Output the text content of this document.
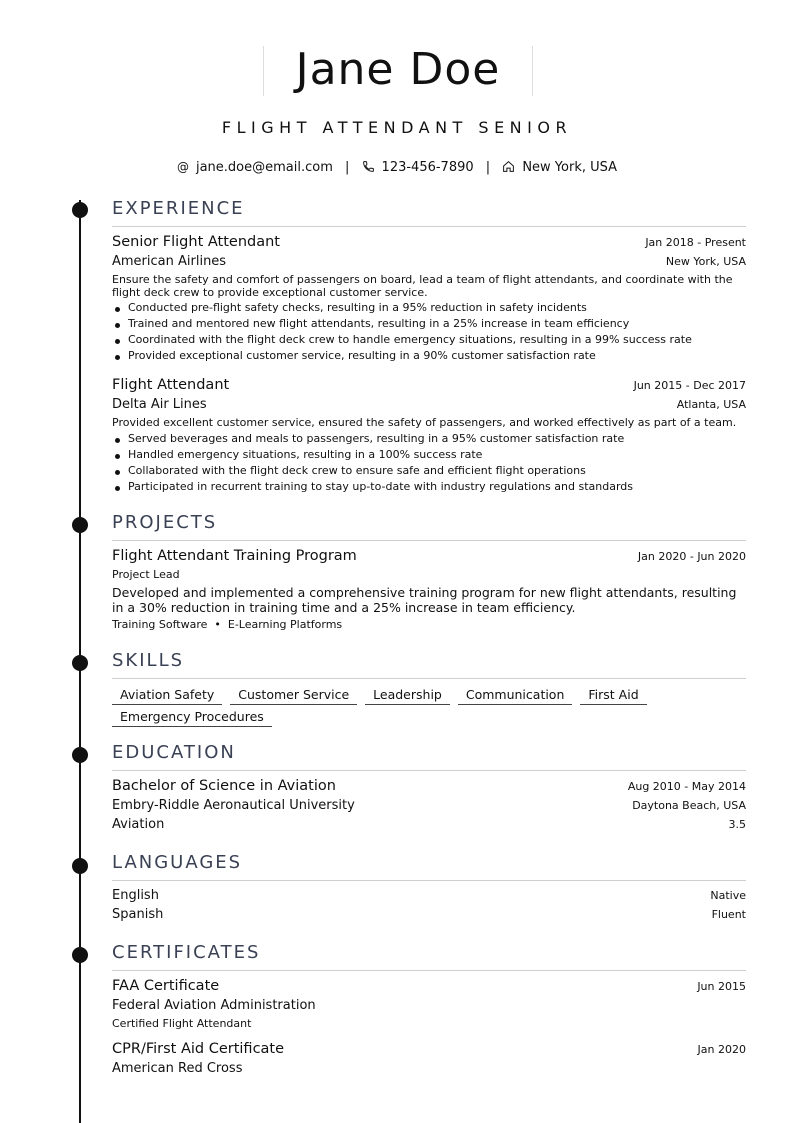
Jane Doe
FLIGHT ATTENDANT SENIOR
@ jane.doe@email.com | 123-456-7890 | New York, USA
EXPERIENCE
Senior Flight Attendant	Jan 2018 - Present
American Airlines	New York, USA
Ensure the safety and comfort of passengers on board, lead a team of flight attendants, and coordinate with the flight deck crew to provide exceptional customer service.
Conducted pre-flight safety checks, resulting in a 95% reduction in safety incidents
Trained and mentored new flight attendants, resulting in a 25% increase in team efficiency
Coordinated with the flight deck crew to handle emergency situations, resulting in a 99% success rate
Provided exceptional customer service, resulting in a 90% customer satisfaction rate
Flight Attendant	Jun 2015 - Dec 2017
Delta Air Lines	Atlanta, USA
Provided excellent customer service, ensured the safety of passengers, and worked effectively as part of a team.
Served beverages and meals to passengers, resulting in a 95% customer satisfaction rate
Handled emergency situations, resulting in a 100% success rate
Collaborated with the flight deck crew to ensure safe and efficient flight operations
Participated in recurrent training to stay up-to-date with industry regulations and standards
PROJECTS
Flight Attendant Training Program	Jan 2020 - Jun 2020
Project Lead
Developed and implemented a comprehensive training program for new flight attendants, resulting in a 30% reduction in training time and a 25% increase in team efficiency.
Training Software  •  E-Learning Platforms
SKILLS
Aviation Safety	Customer Service	Leadership	Communication	First Aid
Emergency Procedures
EDUCATION
Bachelor of Science in Aviation	Aug 2010 - May 2014
Embry-Riddle Aeronautical University	Daytona Beach, USA
Aviation	3.5
LANGUAGES
English	Native
Spanish	Fluent
CERTIFICATES
FAA Certificate	Jun 2015
Federal Aviation Administration
Certified Flight Attendant
CPR/First Aid Certificate	Jan 2020
American Red Cross
